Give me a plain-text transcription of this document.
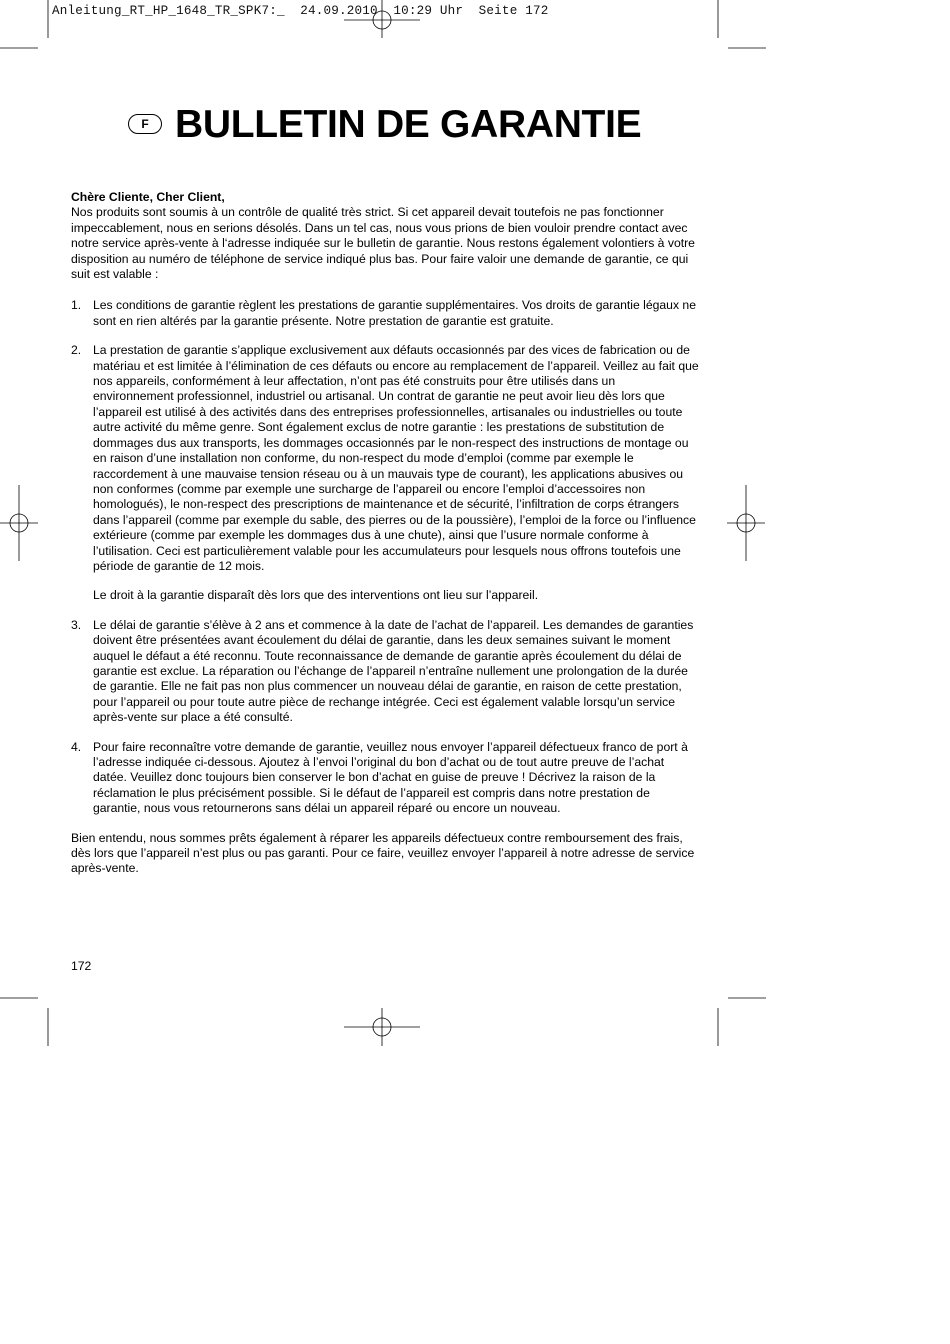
Anleitung_RT_HP_1648_TR_SPK7:_  24.09.2010  10:29 Uhr  Seite 172
F BULLETIN DE GARANTIE

Chère Cliente, Cher Client,

Nos produits sont soumis à un contrôle de qualité très strict. Si cet appareil devait toutefois ne pas fonctionner impeccablement, nous en serions désolés. Dans un tel cas, nous vous prions de bien vouloir prendre contact avec notre service après-vente à l‘adresse indiquée sur le bulletin de garantie. Nous restons également volontiers à votre disposition au numéro de téléphone de service indiqué plus bas. Pour faire valoir une demande de garantie, ce qui suit est valable :

1. Les conditions de garantie règlent les prestations de garantie supplémentaires. Vos droits de garantie légaux ne sont en rien altérés par la garantie présente. Notre prestation de garantie est gratuite.

2. La prestation de garantie s’applique exclusivement aux défauts occasionnés par des vices de fabrication ou de matériau et est limitée à l’élimination de ces défauts ou encore au remplacement de l’appareil. Veillez au fait que nos appareils, conformément à leur affectation, n’ont pas été construits pour être utilisés dans un environnement professionnel, industriel ou artisanal. Un contrat de garantie ne peut avoir lieu dès lors que l’appareil est utilisé à des activités dans des entreprises professionnelles, artisanales ou industrielles ou toute autre activité du même genre. Sont également exclus de notre garantie : les prestations de substitution de dommages dus aux transports, les dommages occasionnés par le non-respect des instructions de montage ou en raison d’une installation non conforme, du non-respect du mode d’emploi (comme par exemple le raccordement à une mauvaise tension réseau ou à un mauvais type de courant), les applications abusives ou non conformes (comme par exemple une surcharge de l’appareil ou encore l’emploi d’accessoires non homologués), le non-respect des prescriptions de maintenance et de sécurité, l’infiltration de corps étrangers dans l’appareil (comme par exemple du sable, des pierres ou de la poussière), l’emploi de la force ou l’influence extérieure (comme par exemple les dommages dus à une chute), ainsi que l’usure normale conforme à l’utilisation. Ceci est particulièrement valable pour les accumulateurs pour lesquels nous offrons toutefois une période de garantie de 12 mois.

Le droit à la garantie disparaît dès lors que des interventions ont lieu sur l’appareil.

3. Le délai de garantie s’élève à 2 ans et commence à la date de l’achat de l’appareil. Les demandes de garanties doivent être présentées avant écoulement du délai de garantie, dans les deux semaines suivant le moment auquel le défaut a été reconnu. Toute reconnaissance de demande de garantie après écoulement du délai de garantie est exclue. La réparation ou l’échange de l’appareil n’entraîne nullement une prolongation de la durée de garantie. Elle ne fait pas non plus commencer un nouveau délai de garantie, en raison de cette prestation, pour l’appareil ou pour toute autre pièce de rechange intégrée. Ceci est également valable lorsqu’un service après-vente sur place a été consulté.

4. Pour faire reconnaître votre demande de garantie, veuillez nous envoyer l’appareil défectueux franco de port à l’adresse indiquée ci-dessous. Ajoutez à l’envoi l’original du bon d’achat ou de tout autre preuve de l’achat datée. Veuillez donc toujours bien conserver le bon d’achat en guise de preuve ! Décrivez la raison de la réclamation le plus précisément possible. Si le défaut de l’appareil est compris dans notre prestation de garantie, nous vous retournerons sans délai un appareil réparé ou encore un nouveau.

Bien entendu, nous sommes prêts également à réparer les appareils défectueux contre remboursement des frais, dès lors que l’appareil n’est plus ou pas garanti. Pour ce faire, veuillez envoyer l’appareil à notre adresse de service après-vente.

172
